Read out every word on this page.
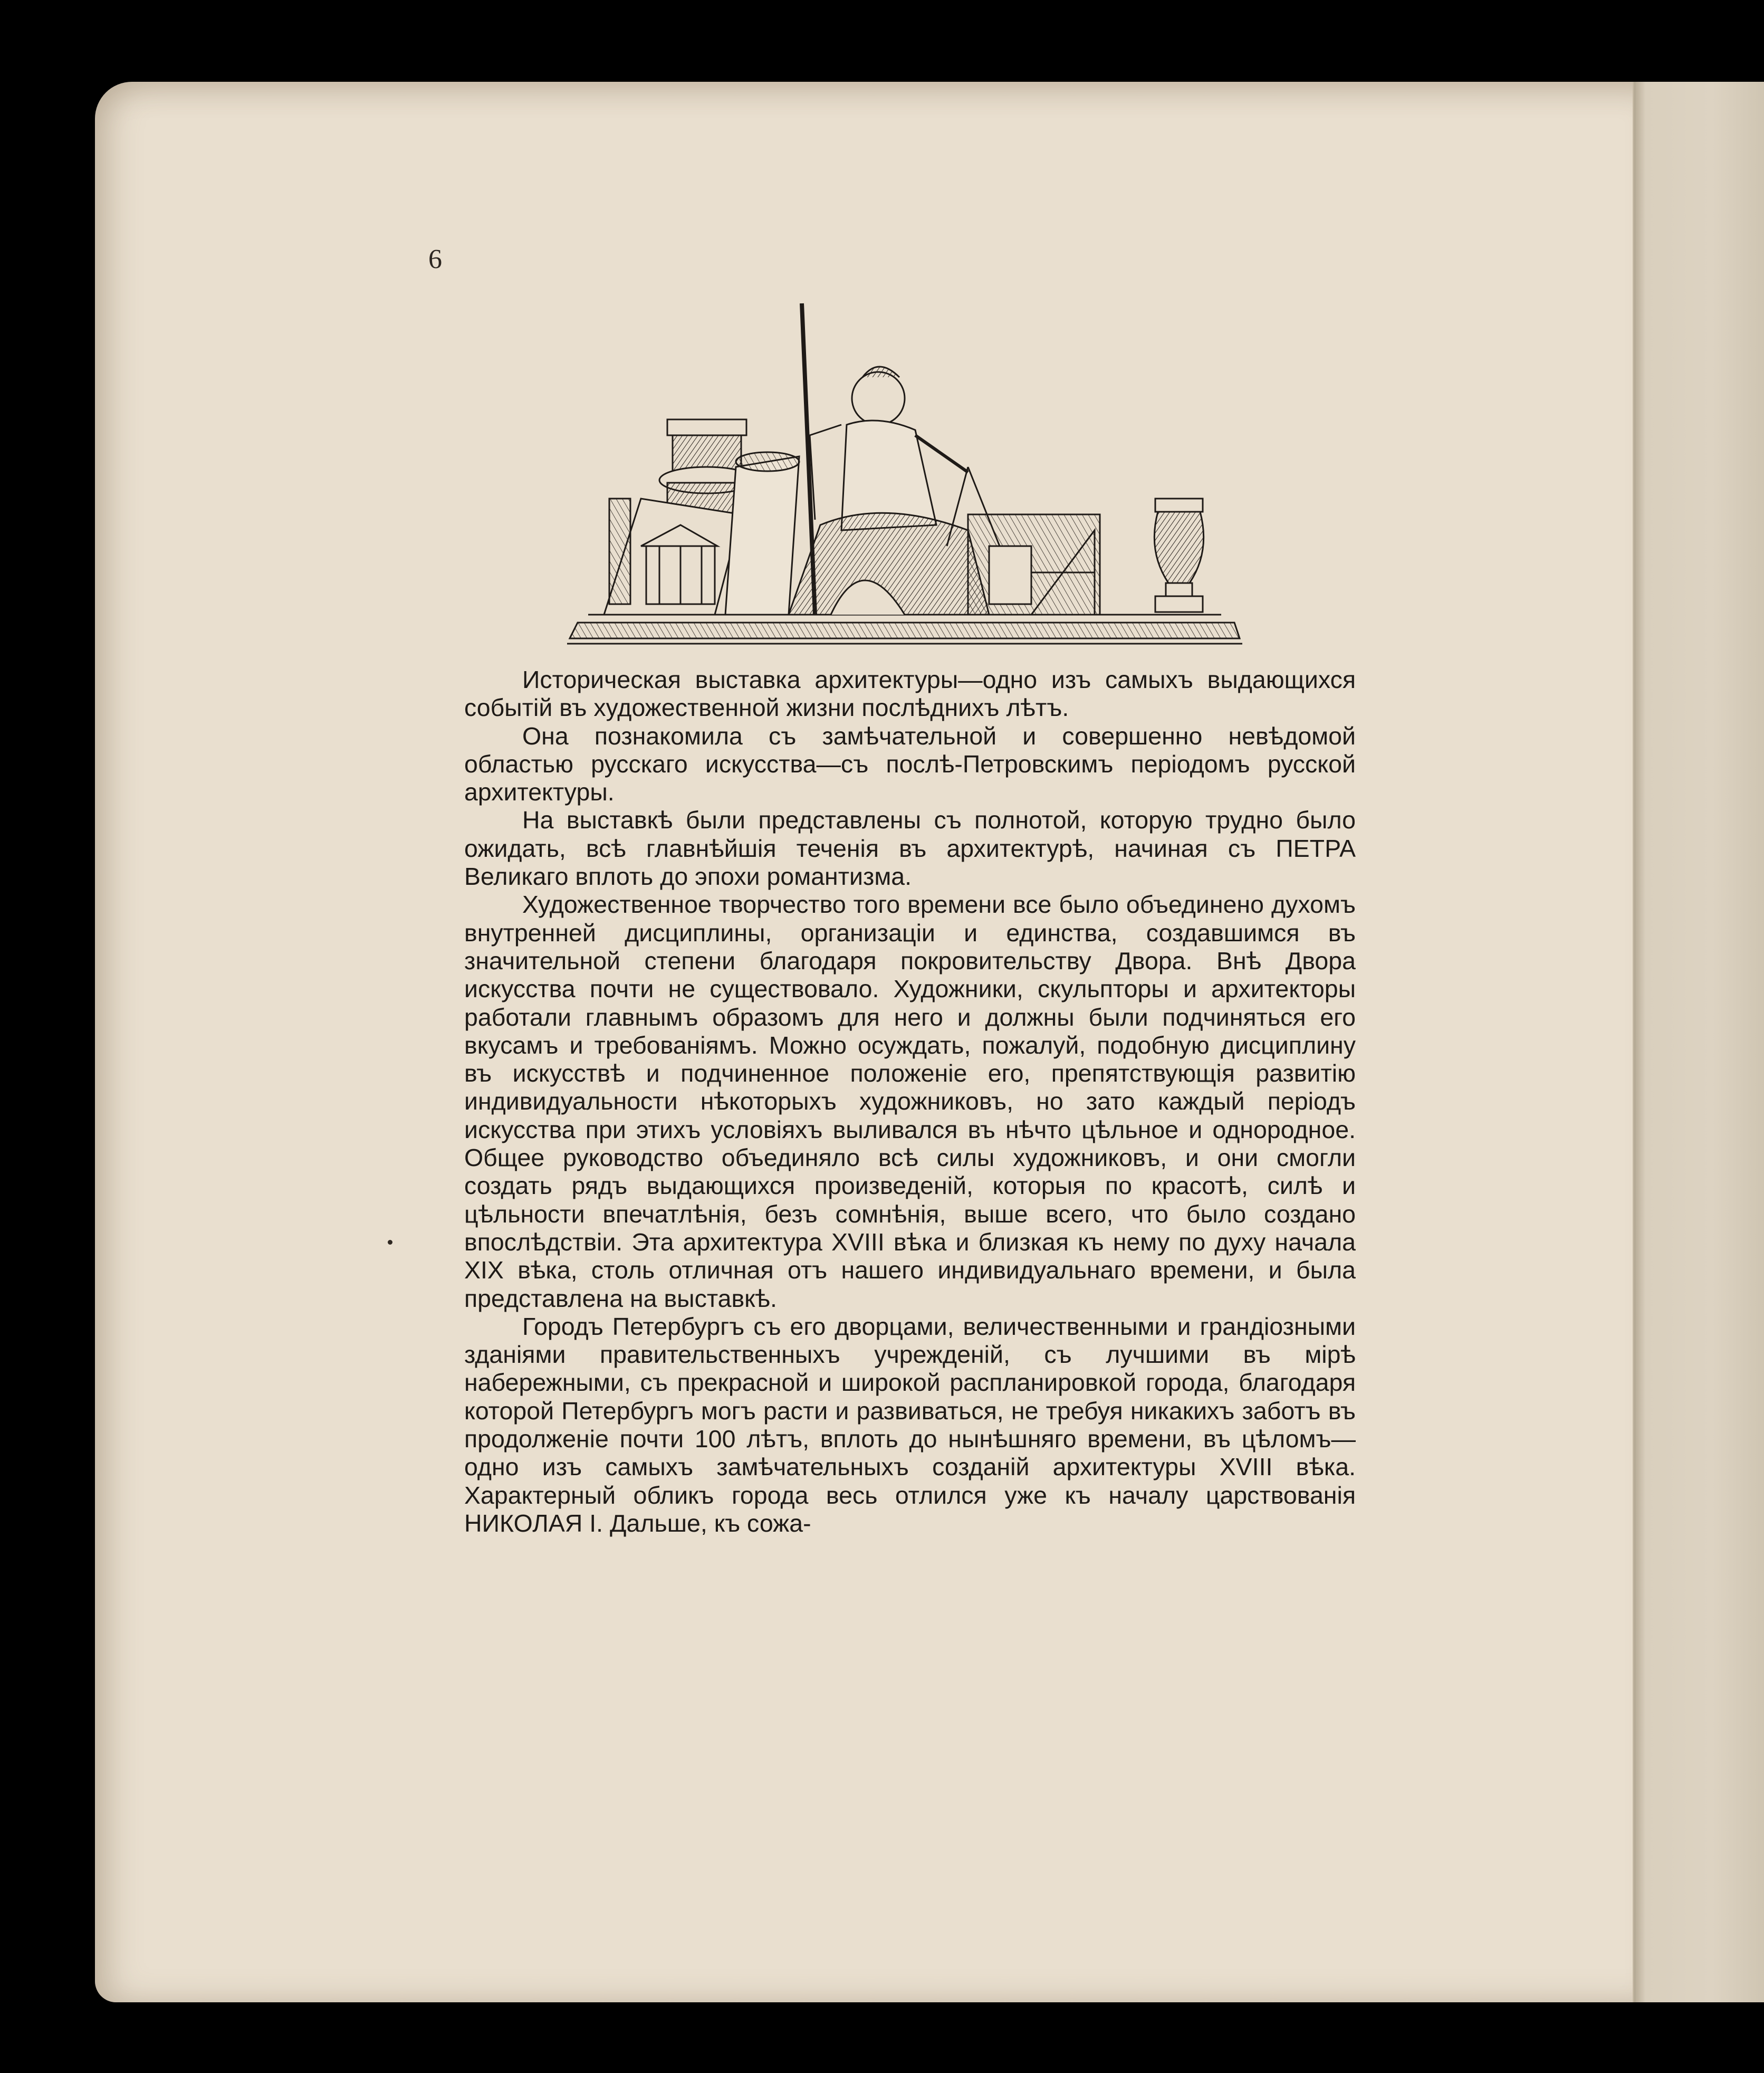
6

Историческая выставка архитектуры—одно изъ самыхъ выдающихся событій въ художественной жизни послѣднихъ лѣтъ.

Она познакомила съ замѣчательной и совершенно невѣдомой областью русскаго искусства—съ послѣ-Петровскимъ періодомъ русской архитектуры.

На выставкѣ были представлены съ полнотой, которую трудно было ожидать, всѣ главнѣйшія теченія въ архитектурѣ, начиная съ ПЕТРА Великаго вплоть до эпохи романтизма.

Художественное творчество того времени все было объединено духомъ внутренней дисциплины, организаціи и единства, создавшимся въ значительной степени благодаря покровительству Двора. Внѣ Двора искусства почти не существовало. Художники, скульпторы и архитекторы работали главнымъ образомъ для него и должны были подчиняться его вкусамъ и требованіямъ. Можно осуждать, пожалуй, подобную дисциплину въ искусствѣ и подчиненное положеніе его, препятствующія развитію индивидуальности нѣкоторыхъ художниковъ, но зато каждый періодъ искусства при этихъ условіяхъ выливался въ нѣчто цѣльное и однородное. Общее руководство объединяло всѣ силы художниковъ, и они смогли создать рядъ выдающихся произведеній, которыя по красотѣ, силѣ и цѣльности впечатлѣнія, безъ сомнѣнія, выше всего, что было создано впослѣдствіи. Эта архитектура XVIII вѣка и близкая къ нему по духу начала XIX вѣка, столь отличная отъ нашего индивидуальнаго времени, и была представлена на выставкѣ.

Городъ Петербургъ съ его дворцами, величественными и грандіозными зданіями правительственныхъ учрежденій, съ лучшими въ мірѣ набережными, съ прекрасной и широкой распланировкой города, благодаря которой Петербургъ могъ расти и развиваться, не требуя никакихъ заботъ въ продолженіе почти 100 лѣтъ, вплоть до нынѣшняго времени, въ цѣломъ—одно изъ самыхъ замѣчательныхъ созданій архитектуры XVIII вѣка. Характерный обликъ города весь отлился уже къ началу царствованія НИКОЛАЯ I. Дальше, къ сожа-
